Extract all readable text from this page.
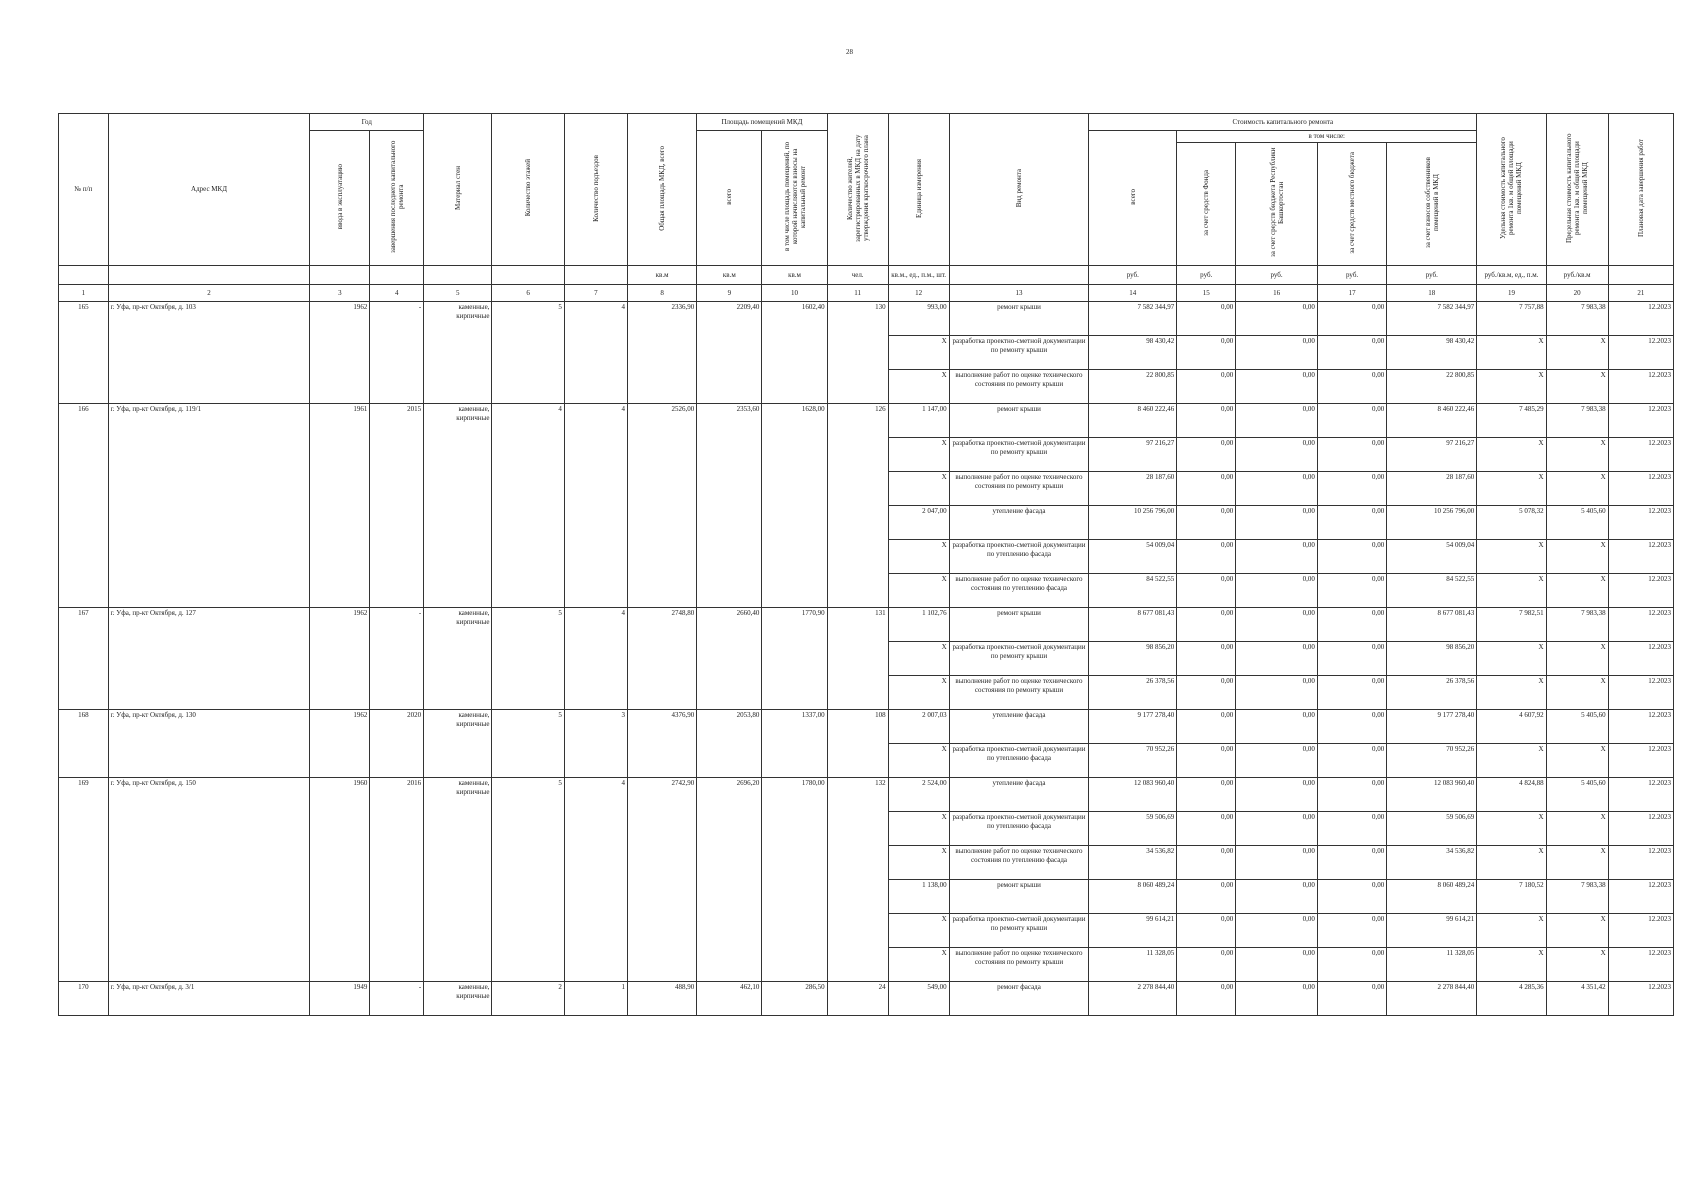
28
№ п/п	Адрес МКД	Год		Материал стен	Количество этажей	Количество подъездов	Общая площадь МКД, всего	Площадь помещений МКД		Количество жителей, зарегистрированных в МКД на дату утверждения краткосрочного плана	Единица измерения	Вид ремонта	Стоимость капитального ремонта					Удельная стоимость капитального ремонта 1кв. м общей площади помещений МКД	Предельная стоимость капитального ремонта 1кв. м общей площади помещений МКД	Плановая дата завершения работ
		ввода в эксплуатацию	завершения последнего капитального ремонта					всего	в том числе площадь помещений, по которой начисляются взносы на капитальный ремонт				всего	в том числе:						
														за счет средств Фонда	за счет средств бюджета Республики Башкортостан	за счет средств местного бюджета	за счет взносов собственников помещений в МКД			
							кв.м	кв.м	кв.м	чел.	кв.м., ед., п.м., шт.		руб.	руб.	руб.	руб.	руб.	руб./кв.м, ед., п.м.	руб./кв.м	
1	2	3	4	5	6	7	8	9	10	11	12	13	14	15	16	17	18	19	20	21
165	г. Уфа, пр-кт Октября, д. 103	1962	-	каменные, кирпичные	5	4	2336,90	2209,40	1602,40	130	993,00	ремонт крыши	7 582 344,97	0,00	0,00	0,00	7 582 344,97	7 757,88	7 983,38	12.2023
											X	разработка проектно-сметной документации по ремонту крыши	98 430,42	0,00	0,00	0,00	98 430,42	X	X	12.2023
											X	выполнение работ по оценке технического состояния по ремонту крыши	22 800,85	0,00	0,00	0,00	22 800,85	X	X	12.2023
166	г. Уфа, пр-кт Октября, д. 119/1	1961	2015	каменные, кирпичные	4	4	2526,00	2353,60	1628,00	126	1 147,00	ремонт крыши	8 460 222,46	0,00	0,00	0,00	8 460 222,46	7 485,29	7 983,38	12.2023
											X	разработка проектно-сметной документации по ремонту крыши	97 216,27	0,00	0,00	0,00	97 216,27	X	X	12.2023
											X	выполнение работ по оценке технического состояния по ремонту крыши	28 187,60	0,00	0,00	0,00	28 187,60	X	X	12.2023
											2 047,00	утепление фасада	10 256 796,00	0,00	0,00	0,00	10 256 796,00	5 078,32	5 405,60	12.2023
											X	разработка проектно-сметной документации по утеплению фасада	54 009,04	0,00	0,00	0,00	54 009,04	X	X	12.2023
											X	выполнение работ по оценке технического состояния по утеплению фасада	84 522,55	0,00	0,00	0,00	84 522,55	X	X	12.2023
167	г. Уфа, пр-кт Октября, д. 127	1962	-	каменные, кирпичные	5	4	2748,80	2660,40	1770,90	131	1 102,76	ремонт крыши	8 677 081,43	0,00	0,00	0,00	8 677 081,43	7 982,51	7 983,38	12.2023
											X	разработка проектно-сметной документации по ремонту крыши	98 856,20	0,00	0,00	0,00	98 856,20	X	X	12.2023
											X	выполнение работ по оценке технического состояния по ремонту крыши	26 378,56	0,00	0,00	0,00	26 378,56	X	X	12.2023
168	г. Уфа, пр-кт Октября, д. 130	1962	2020	каменные, кирпичные	5	3	4376,90	2053,80	1337,00	108	2 007,03	утепление фасада	9 177 278,40	0,00	0,00	0,00	9 177 278,40	4 607,92	5 405,60	12.2023
											X	разработка проектно-сметной документации по утеплению фасада	70 952,26	0,00	0,00	0,00	70 952,26	X	X	12.2023
169	г. Уфа, пр-кт Октября, д. 150	1960	2016	каменные, кирпичные	5	4	2742,90	2696,20	1780,00	132	2 524,00	утепление фасада	12 083 960,40	0,00	0,00	0,00	12 083 960,40	4 824,88	5 405,60	12.2023
											X	разработка проектно-сметной документации по утеплению фасада	59 506,69	0,00	0,00	0,00	59 506,69	X	X	12.2023
											X	выполнение работ по оценке технического состояния по утеплению фасада	34 536,82	0,00	0,00	0,00	34 536,82	X	X	12.2023
											1 138,00	ремонт крыши	8 060 489,24	0,00	0,00	0,00	8 060 489,24	7 180,52	7 983,38	12.2023
											X	разработка проектно-сметной документации по ремонту крыши	99 614,21	0,00	0,00	0,00	99 614,21	X	X	12.2023
											X	выполнение работ по оценке технического состояния по ремонту крыши	11 328,05	0,00	0,00	0,00	11 328,05	X	X	12.2023
170	г. Уфа, пр-кт Октября, д. 3/1	1949	-	каменные, кирпичные	2	1	488,90	462,10	286,50	24	549,00	ремонт фасада	2 278 844,40	0,00	0,00	0,00	2 278 844,40	4 285,36	4 351,42	12.2023
